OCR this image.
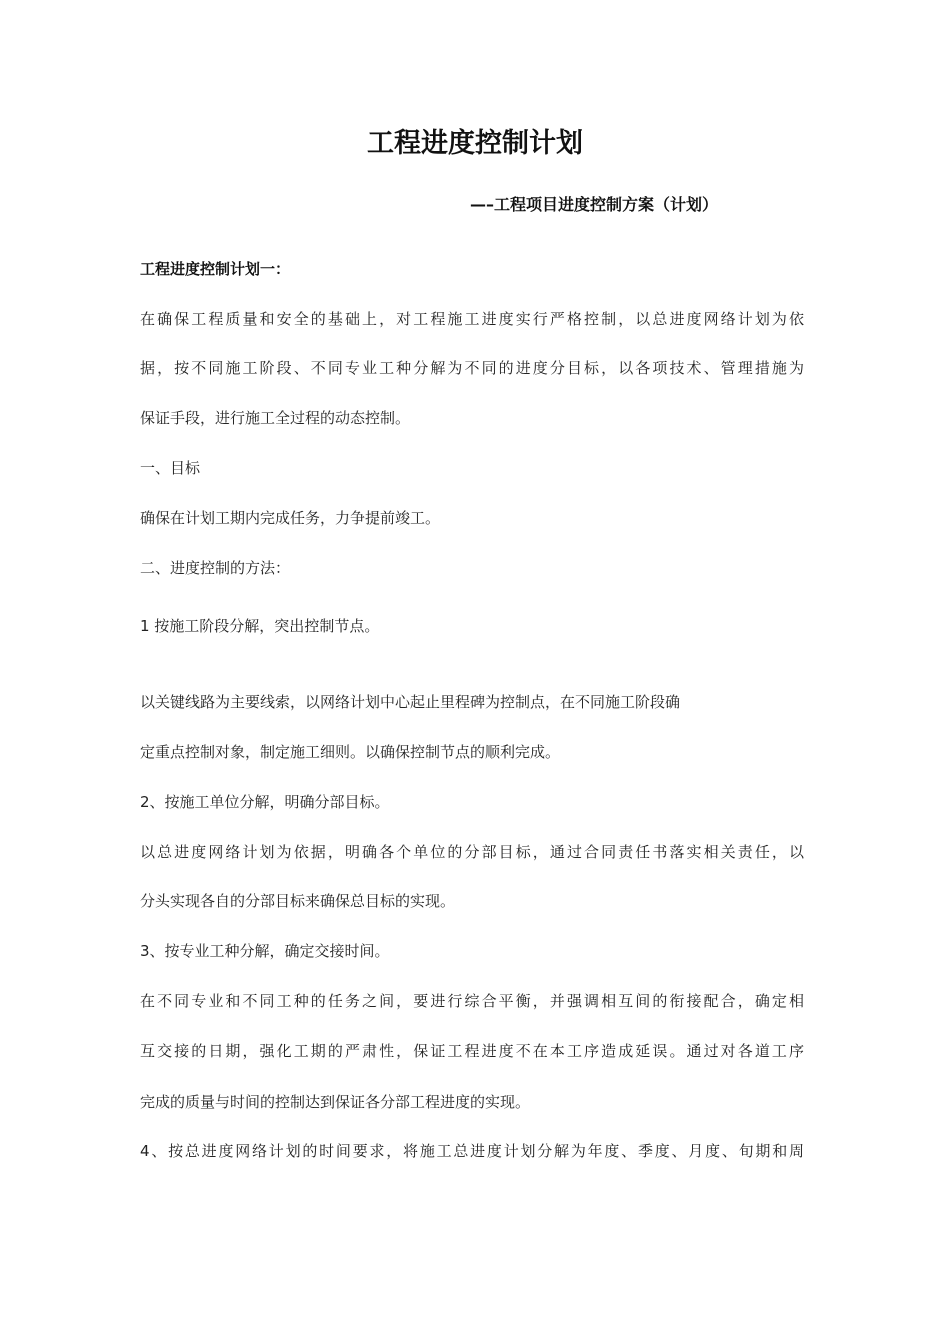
工程进度控制计划
—–工程项目进度控制方案（计划）
工程进度控制计划一：
在确保工程质量和安全的基础上，对工程施工进度实行严格控制，以总进度网络计划为依
据，按不同施工阶段、不同专业工种分解为不同的进度分目标，以各项技术、管理措施为
保证手段，进行施工全过程的动态控制。
一、目标
确保在计划工期内完成任务，力争提前竣工。
二、进度控制的方法：
1 按施工阶段分解，突出控制节点。
以关键线路为主要线索，以网络计划中心起止里程碑为控制点，在不同施工阶段确
定重点控制对象，制定施工细则。以确保控制节点的顺利完成。
2、按施工单位分解，明确分部目标。
以总进度网络计划为依据，明确各个单位的分部目标，通过合同责任书落实相关责任，以
分头实现各自的分部目标来确保总目标的实现。
3、按专业工种分解，确定交接时间。
在不同专业和不同工种的任务之间，要进行综合平衡，并强调相互间的衔接配合，确定相
互交接的日期，强化工期的严肃性，保证工程进度不在本工序造成延误。通过对各道工序
完成的质量与时间的控制达到保证各分部工程进度的实现。
4、按总进度网络计划的时间要求，将施工总进度计划分解为年度、季度、月度、旬期和周
